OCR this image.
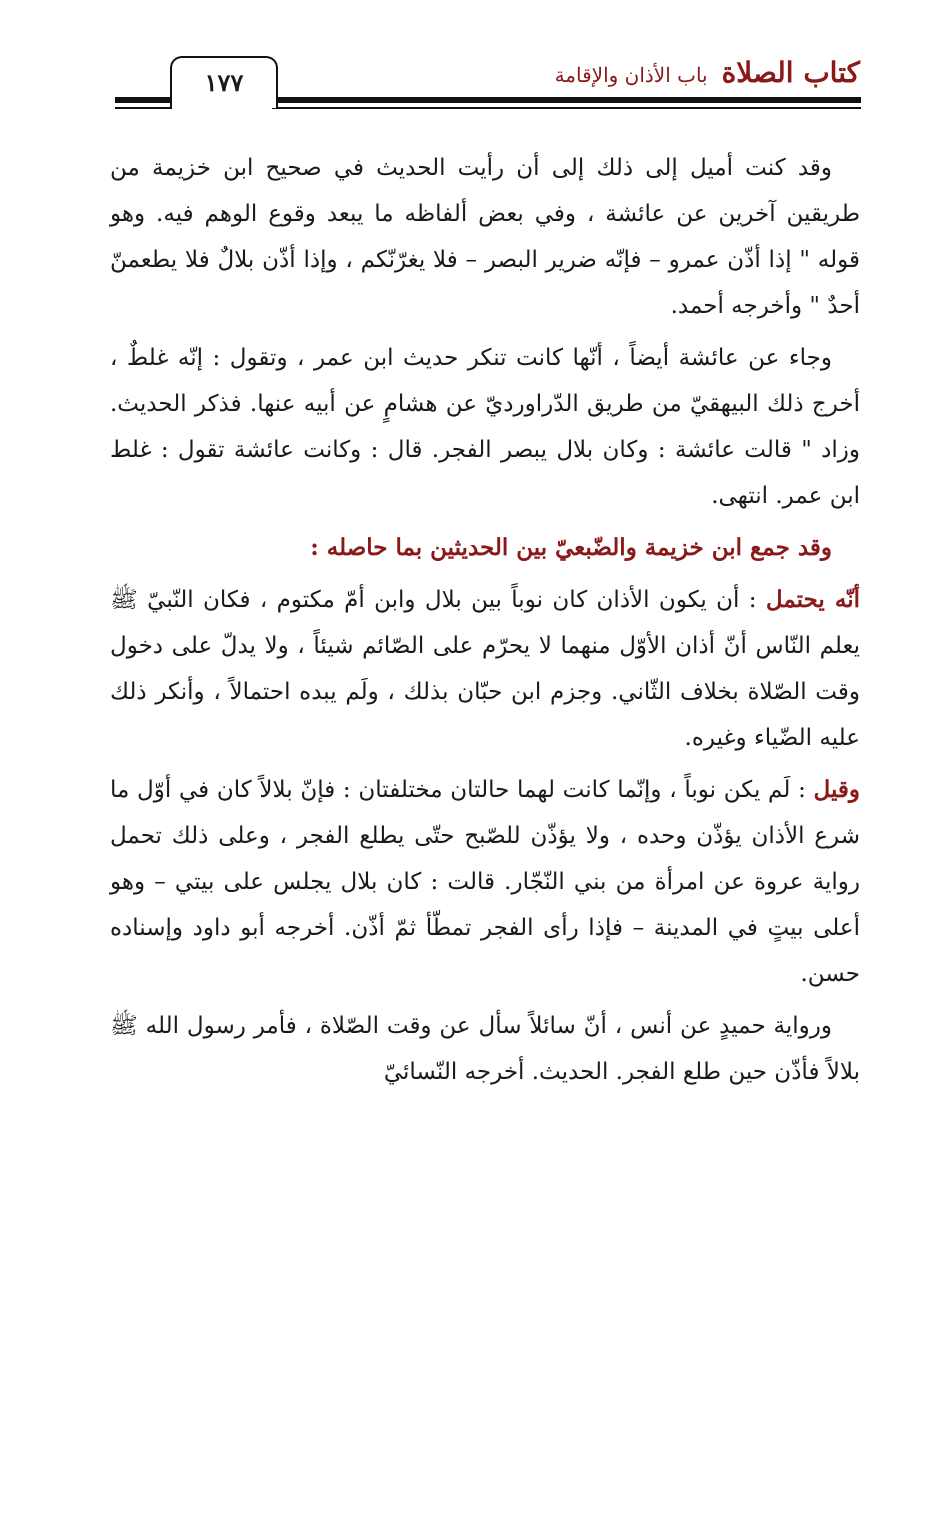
١٧٧	كتاب الصلاة
باب الأذان والإقامة

وقد كنت أميل إلى ذلك إلى أن رأيت الحديث في صحيح ابن خزيمة من طريقين آخرين عن عائشة ، وفي بعض ألفاظه ما يبعد وقوع الوهم فيه. وهو قوله " إذا أذّن عمرو – فإنّه ضرير البصر – فلا يغرّنّكم ، وإذا أذّن بلالٌ فلا يطعمنّ أحدٌ " وأخرجه أحمد.

وجاء عن عائشة أيضاً ، أنّها كانت تنكر حديث ابن عمر ، وتقول : إنّه غلطٌ ، أخرج ذلك البيهقيّ من طريق الدّراورديّ عن هشامٍ عن أبيه عنها. فذكر الحديث. وزاد " قالت عائشة : وكان بلال يبصر الفجر. قال : وكانت عائشة تقول : غلط ابن عمر. انتهى.

وقد جمع ابن خزيمة والضّبعيّ بين الحديثين بما حاصله :

أنّه يحتمل : أن يكون الأذان كان نوباً بين بلال وابن أمّ مكتوم ، فكان النّبيّ ﷺ يعلم النّاس أنّ أذان الأوّل منهما لا يحرّم على الصّائم شيئاً ، ولا يدلّ على دخول وقت الصّلاة بخلاف الثّاني. وجزم ابن حبّان بذلك ، ولَم يبده احتمالاً ، وأنكر ذلك عليه الضّياء وغيره.

وقيل : لَم يكن نوباً ، وإنّما كانت لهما حالتان مختلفتان : فإنّ بلالاً كان في أوّل ما شرع الأذان يؤذّن وحده ، ولا يؤذّن للصّبح حتّى يطلع الفجر ، وعلى ذلك تحمل رواية عروة عن امرأة من بني النّجّار. قالت : كان بلال يجلس على بيتي – وهو أعلى بيتٍ في المدينة – فإذا رأى الفجر تمطّأ ثمّ أذّن. أخرجه أبو داود وإسناده حسن.

ورواية حميدٍ عن أنس ، أنّ سائلاً سأل عن وقت الصّلاة ، فأمر رسول الله ﷺ بلالاً فأذّن حين طلع الفجر. الحديث. أخرجه النّسائيّ
